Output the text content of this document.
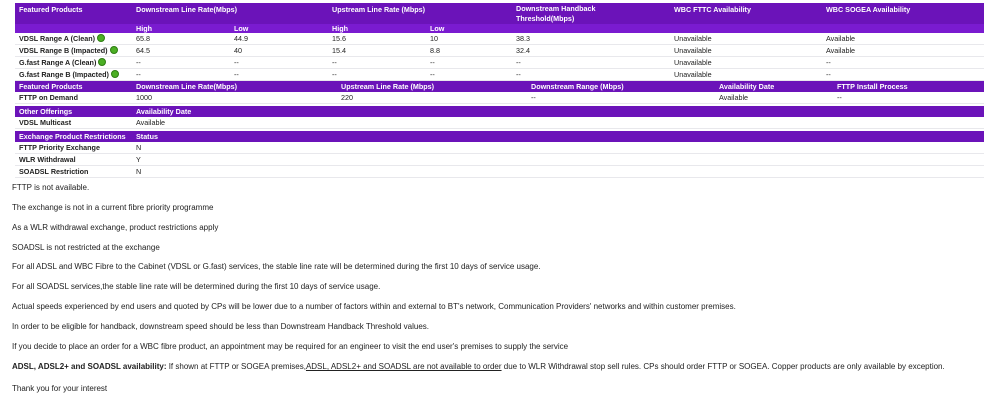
Featured Products	Downstream Line Rate(Mbps)		Upstream Line Rate (Mbps)		Downstream Handback
Threshold(Mbps)	WBC FTTC Availability	WBC SOGEA Availability
	High	Low	High	Low			
VDSL Range A (Clean)	65.8	44.9	15.6	10	38.3	Unavailable	Available
VDSL Range B (Impacted)	64.5	40	15.4	8.8	32.4	Unavailable	Available
G.fast Range A (Clean)	--	--	--	--	--	Unavailable	--
G.fast Range B (Impacted)	--	--	--	--	--	Unavailable	--
Featured Products	Downstream Line Rate(Mbps)	Upstream Line Rate (Mbps)	Downstream Range (Mbps)	Availability Date	FTTP Install Process
FTTP on Demand	1000	220	--	Available	--
Other Offerings	Availability Date
VDSL Multicast	Available
Exchange Product Restrictions	Status
FTTP Priority Exchange	N
WLR Withdrawal	Y
SOADSL Restriction	N
FTTP is not available.
The exchange is not in a current fibre priority programme
As a WLR withdrawal exchange, product restrictions apply
SOADSL is not restricted at the exchange
For all ADSL and WBC Fibre to the Cabinet (VDSL or G.fast) services, the stable line rate will be determined during the first 10 days of service usage.
For all SOADSL services,the stable line rate will be determined during the first 10 days of service usage.
Actual speeds experienced by end users and quoted by CPs will be lower due to a number of factors within and external to BT's network, Communication Providers' networks and within customer premises.
In order to be eligible for handback, downstream speed should be less than Downstream Handback Threshold values.
If you decide to place an order for a WBC fibre product, an appointment may be required for an engineer to visit the end user's premises to supply the service
ADSL, ADSL2+ and SOADSL availability: If shown at FTTP or SOGEA premises,ADSL, ADSL2+ and SOADSL are not available to order due to WLR Withdrawal stop sell rules. CPs should order FTTP or SOGEA. Copper products are only available by exception.
Thank you for your interest
